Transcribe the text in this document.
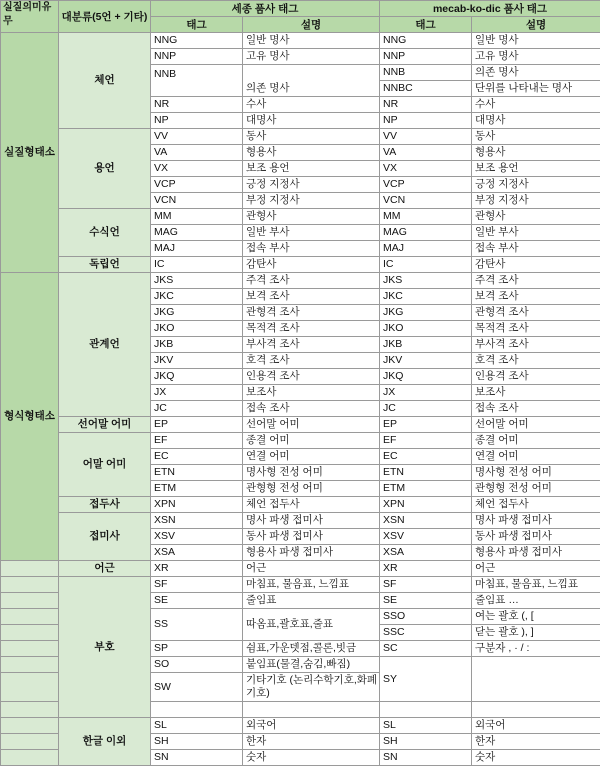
실질의미유무	대분류(5언 + 기타)	세종 품사 태그		mecab-ko-dic 품사 태그	
		태그	설명	태그	설명
실질형태소	체언	NNG	일반 명사	NNG	일반 명사
		NNP	고유 명사	NNP	고유 명사
		NNB	의존 명사	NNB	의존 명사
				NNBC	단위를 나타내는 명사
		NR	수사	NR	수사
		NP	대명사	NP	대명사
	용언	VV	동사	VV	동사
		VA	형용사	VA	형용사
		VX	보조 용언	VX	보조 용언
		VCP	긍정 지정사	VCP	긍정 지정사
		VCN	부정 지정사	VCN	부정 지정사
	수식언	MM	관형사	MM	관형사
		MAG	일반 부사	MAG	일반 부사
		MAJ	접속 부사	MAJ	접속 부사
	독립언	IC	감탄사	IC	감탄사
형식형태소	관계언	JKS	주격 조사	JKS	주격 조사
		JKC	보격 조사	JKC	보격 조사
		JKG	관형격 조사	JKG	관형격 조사
		JKO	목적격 조사	JKO	목적격 조사
		JKB	부사격 조사	JKB	부사격 조사
		JKV	호격 조사	JKV	호격 조사
		JKQ	인용격 조사	JKQ	인용격 조사
		JX	보조사	JX	보조사
		JC	접속 조사	JC	접속 조사
	선어말 어미	EP	선어말 어미	EP	선어말 어미
	어말 어미	EF	종결 어미	EF	종결 어미
		EC	연결 어미	EC	연결 어미
		ETN	명사형 전성 어미	ETN	명사형 전성 어미
		ETM	관형형 전성 어미	ETM	관형형 전성 어미
	접두사	XPN	체언 접두사	XPN	체언 접두사
	접미사	XSN	명사 파생 접미사	XSN	명사 파생 접미사
		XSV	동사 파생 접미사	XSV	동사 파생 접미사
		XSA	형용사 파생 접미사	XSA	형용사 파생 접미사
	어근	XR	어근	XR	어근
	부호	SF	마침표, 물음표, 느낌표	SF	마침표, 물음표, 느낌표
		SE	줄임표	SE	줄임표 …
		SS	따옴표,괄호표,줄표	SSO	여는 괄호 (, [
				SSC	닫는 괄호 ), ]
		SP	쉼표,가운뎃점,콜론,빗금	SC	구분자 , · / :
		SO	붙임표(물결,숨김,빠짐)	SY	
		SW	기타기호 (논리수학기호,화폐기호)		

	한글 이외	SL	외국어	SL	외국어
		SH	한자	SH	한자
		SN	숫자	SN	숫자
